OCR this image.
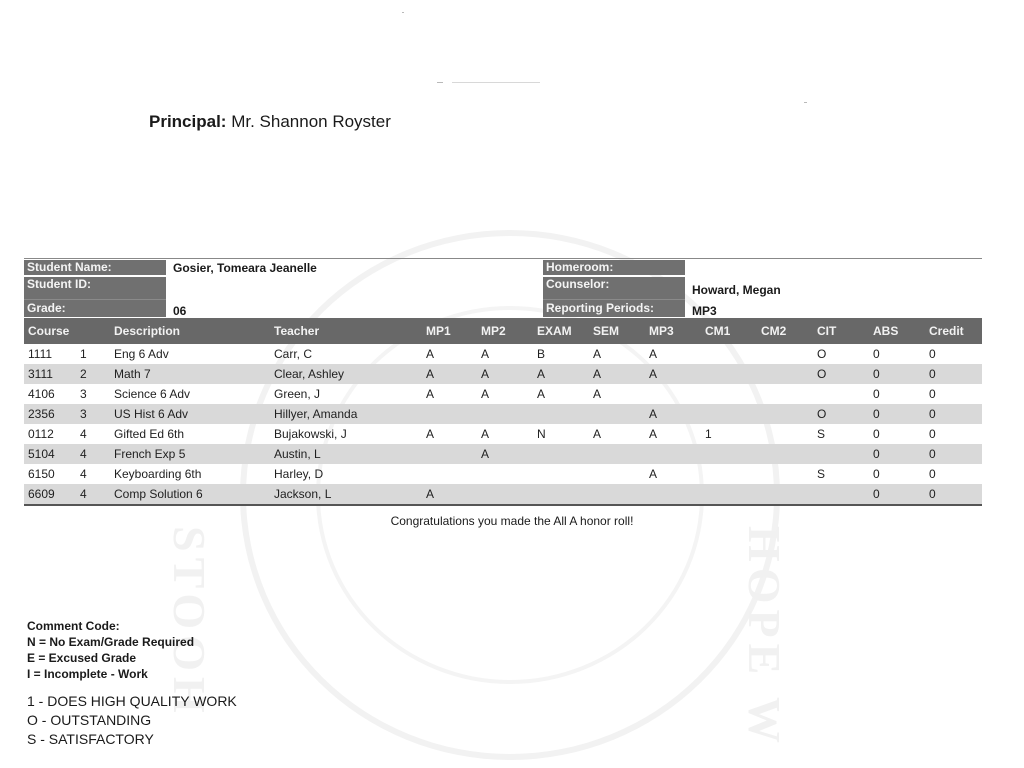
STOOH	HOPE W
Principal: Mr. Shannon Royster
Student Name:	Gosier, Tomeara Jeanelle
Student ID:
Grade:	06
Homeroom:
Counselor:	Howard, Megan
Reporting Periods:	MP3
Course		Description	Teacher	MP1	MP2	EXAM	SEM	MP3	CM1	CM2	CIT	ABS	Credit
1111	1	Eng 6 Adv	Carr, C	A	A	B	A	A			O	0	0
3111	2	Math 7	Clear, Ashley	A	A	A	A	A			O	0	0
4106	3	Science 6 Adv	Green, J	A	A	A	A					0	0
2356	3	US Hist 6 Adv	Hillyer, Amanda					A			O	0	0
0112	4	Gifted Ed 6th	Bujakowski, J	A	A	N	A	A	1		S	0	0
5104	4	French Exp 5	Austin, L		A							0	0
6150	4	Keyboarding 6th	Harley, D					A			S	0	0
6609	4	Comp Solution 6	Jackson, L	A								0	0
Congratulations you made the All A honor roll!
Comment Code:
N = No Exam/Grade Required
E = Excused Grade
I = Incomplete - Work
1 - DOES HIGH QUALITY WORK
O - OUTSTANDING
S - SATISFACTORY
